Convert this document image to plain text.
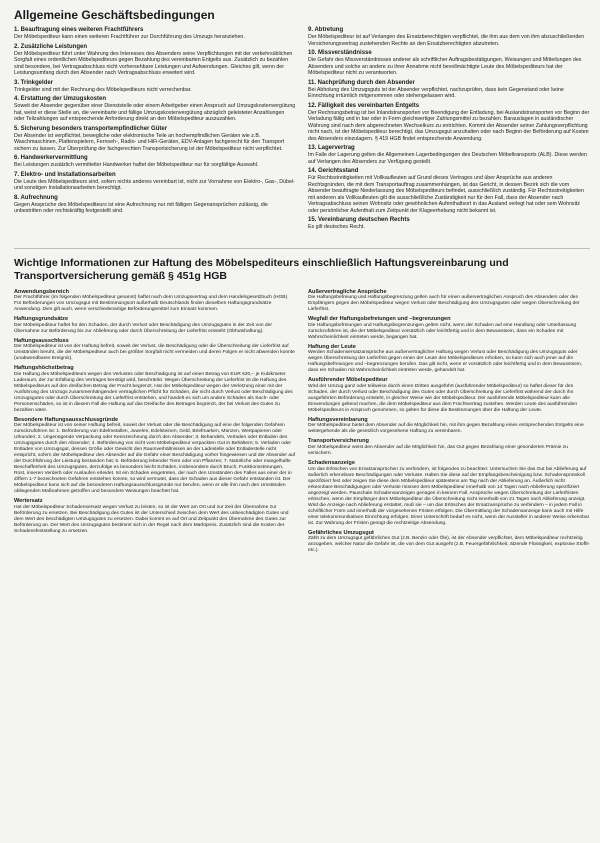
Allgemeine Geschäftsbedingungen
1. Beauftragung eines weiteren Frachtführers

Der Möbelspediteur kann einen weiteren Frachtführer zur Durchführung des Umzugs heranziehen.

2. Zusätzliche Leistungen

Der Möbelspediteur führt unter Wahrung des Interesses des Absenders seine Verpflichtungen mit der verkehrsüblichen Sorgfalt eines ordentlichen Möbelspediteurs gegen Bezahlung des vereinbarten Entgelts aus. Zusätzlich zu bezahlen sind besondere, bei Vertragsabschluss nicht vorhersehbare Leistungen und Aufwendungen. Gleiches gilt, wenn der Leistungsumfang durch den Absender nach Vertragsabschluss erweitert wird.

3. Trinkgelder

Trinkgelder sind mit der Rechnung des Möbelspediteurs nicht verrechenbar.

4. Erstattung der Umzugskosten

Soweit der Absender gegenüber einer Dienststelle oder einem Arbeitgeber einen Anspruch auf Umzugskostenvergütung hat, weist er diese Stelle an, die vereinbarte und fällige Umzugskostenvergütung abzüglich geleisteter Anzahlungen oder Teilzahlungen auf entsprechende Anforderung direkt an den Möbelspediteur auszuzahlen.

5. Sicherung besonders transportempfindlicher Güter

Der Absender ist verpflichtet, bewegliche oder elektronische Teile an hochempfindlichen Geräten wie z.B. Waschmaschinen, Plattenspielern, Fernseh-, Radio- und HiFi-Geräten, EDV-Anlagen fachgerecht für den Transport sichern zu lassen. Zur Überprüfung der fachgerechten Transportsicherung ist der Möbelspediteur nicht verpflichtet.

6. Handwerkervermittlung

Bei Leistungen zusätzlich vermittelter Handwerker haftet der Möbelspediteur nur für sorgfältige Auswahl.

7. Elektro- und Installationsarbeiten

Die Leute des Möbelspediteurs sind, sofern nichts anderes vereinbart ist, nicht zur Vornahme von Elektro-, Gas-, Dübel- und sonstigen Installationsarbeiten berechtigt.

8. Aufrechnung

Gegen Ansprüche des Möbelspediteurs ist eine Aufrechnung nur mit fälligen Gegenansprüchen zulässig, die unbestritten oder rechtskräftig festgestellt sind.

9. Abtretung

Der Möbelspediteur ist auf Verlangen des Ersatzberechtigten verpflichtet, die ihm aus dem von ihm abzuschließenden Versicherungsvertrag zustehenden Rechte an den Ersatzberechtigten abzutreten.

10. Missverständnisse

Die Gefahr des Missverständnisses anderer als schriftlicher Auftragsbestätigungen, Weisungen und Mitteilungen des Absenders und solche an andere zu ihrer Annahme nicht bevollmächtigte Leute des Möbelspediteurs hat der Möbelspediteur nicht zu verantworten.

11. Nachprüfung durch den Absender

Bei Abholung des Umzugsguts ist der Absender verpflichtet, nachzuprüfen, dass kein Gegenstand oder keine Einrichtung irrtümlich mitgenommen oder stehengelassen wird.

12. Fälligkeit des vereinbarten Entgelts

Der Rechnungsbetrag ist bei Inlandstransporten vor Beendigung der Entladung, bei Auslandstransporten vor Beginn der Verladung fällig und in bar oder in Form gleichwertiger Zahlungsmittel zu bezahlen. Barauslagen in ausländischer Währung sind nach dem abgerechneten Wechselkurs zu entrichten. Kommt der Absender seiner Zahlungsverpflichtung nicht nach, ist der Möbelspediteur berechtigt, das Umzugsgut anzuhalten oder nach Beginn der Beförderung auf Kosten des Absenders einzulagern. § 419 HGB findet entsprechende Anwendung.

13. Lagervertrag

Im Falle der Lagerung gelten die Allgemeinen Lagerbedingungen des Deutschen Möbeltransports (ALB). Diese werden auf Verlangen des Absenders zur Verfügung gestellt.

14. Gerichtsstand

Für Rechtsstreitigkeiten mit Vollkaufleuten auf Grund dieses Vertrages und über Ansprüche aus anderen Rechtsgründen, die mit dem Transportauftrag zusammenhängen, ist das Gericht, in dessen Bezirk sich die vom Absender beauftragte Niederlassung des Möbelspediteurs befindet, ausschließlich zuständig. Für Rechtsstreitigkeiten mit anderen als Vollkaufleuten gilt die ausschließliche Zuständigkeit nur für den Fall, dass der Absender nach Vertragsabschluss seinen Wohnsitz oder gewöhnlichen Aufenthaltsort in das Ausland verlegt hat oder sein Wohnsitz oder persönlicher Aufenthalt zum Zeitpunkt der Klageerhebung nicht bekannt ist.

15. Vereinbarung deutschen Rechts

Es gilt deutsches Recht.

Wichtige Informationen zur Haftung des Möbelspediteurs einschließlich Haftungsvereinbarung und Transportversicherung gemäß § 451g HGB
Anwendungsbereich

Der Frachtführer (im folgenden Möbelspediteur genannt) haftet nach dem Umzugsvertrag und dem Handelsgesetzbuch (HGB). Für Beförderungen von Umzugsgut mit Bestimmungsort außerhalb Deutschlands finden dieselben Haftungsgrundsätze Anwendung. Dies gilt auch, wenn verschiedenartige Beförderungsmittel zum Einsatz kommen.

Haftungsgrundsätze

Der Möbelspediteur haftet für den Schaden, der durch Verlust oder Beschädigung des Umzugsgutes in der Zeit von der Übernahme zur Beförderung bis zur Ablieferung oder durch Überschreitung der Lieferfrist entsteht (Obhutshaftung).

Haftungsausschluss

Der Möbelspediteur ist von der Haftung befreit, soweit der Verlust, die Beschädigung oder die Überschreitung der Lieferfrist auf Umständen beruht, die der Möbelspediteur auch bei größter Sorgfalt nicht vermeiden und deren Folgen er nicht abwenden konnte (unabwendbares Ereignis).

Haftungshöchstbetrag

Die Haftung des Möbelspediteurs wegen des Verlustes oder Beschädigung ist auf einen Betrag von EUR 620,– je Kubikmeter Laderaum, der zur Erfüllung des Vertrages benötigt wird, beschränkt. Wegen Überschreitung der Lieferfrist ist die Haftung des Möbelspediteurs auf den dreifachen Betrag der Fracht begrenzt. Hat der Möbelspediteur wegen der Verletzung einer mit der Ausführung des Umzugs zusammenhängenden vertraglichen Pflicht für Schäden, die nicht durch Verlust oder Beschädigung des Umzugsgutes oder durch Überschreitung der Lieferfrist entstehen, und handelt es sich um andere Schäden als Sach- oder Personenschäden, so ist in diesem Fall die Haftung auf das Dreifache des Betrages begrenzt, der bei Verlust des Gutes zu bezahlen wäre.

Besondere Haftungsausschlussgründe

Der Möbelspediteur ist von seiner Haftung befreit, soweit der Verlust oder die Beschädigung auf eine der folgenden Gefahren zurückzuführen ist: 1. Beförderung von Edelmetallen, Juwelen, Edelsteinen, Geld, Briefmarken, Münzen, Wertpapieren oder Urkunden; 2. Ungenügende Verpackung oder Kennzeichnung durch den Absender; 3. Behandeln, Verladen oder Entladen des Umzugsgutes durch den Absender; 4. Beförderung von nicht vom Möbelspediteur verpackten Gut in Behältern; 5. Verladen oder Entladen von Umzugsgut, dessen Größe oder Gewicht den Raumverhältnissen an der Ladestelle oder Entladestelle nicht entspricht, sofern der Möbelspediteur den Absender auf die Gefahr einer Beschädigung vorher hingewiesen und der Absender auf der Durchführung der Leistung bestanden hat; 6. Beförderung lebender Tiere oder von Pflanzen; 7. Natürliche oder mangelhafte Beschaffenheit des Umzugsgutes, derzufolge es besonders leicht Schäden, insbesondere durch Bruch, Funktionsstörungen, Rost, inneren Verderb oder Auslaufen erleidet. Ist ein Schaden eingetreten, der nach den Umständen des Falles aus einer der in Ziffern 1-7 bezeichneten Gefahren entstehen konnte, so wird vermutet, dass der Schaden aus dieser Gefahr entstanden ist. Der Möbelspediteur kann sich auf die besonderen Haftungsausschlussgründe nur berufen, wenn er alle ihm nach den Umständen obliegenden Maßnahmen getroffen und besondere Weisungen beachtet hat.

Wertersatz

Hat der Möbelspediteur Schadensersatz wegen Verlust zu leisten, so ist der Wert am Ort und zur Zeit der Übernahme zur Beförderung zu ersetzen. Bei Beschädigung des Gutes ist der Unterschied zwischen dem Wert des unbeschädigten Gutes und dem Wert des beschädigten Umzugsgutes zu ersetzen. Dabei kommt es auf Ort und Zeitpunkt des Übernahme des Gutes zur Beförderung an. Der Wert des Umzugsgutes bestimmt sich in der Regel nach dem Marktpreis. Zusätzlich sind die Kosten der Schadensfeststellung zu ersetzen.

Außervertragliche Ansprüche

Die Haftungsbefreiung und Haftungsbegrenzung gelten auch für einen außervertraglichen Anspruch des Absenders oder des Empfängers gegen den Möbelspediteur wegen Verlust oder Beschädigung des Umzugsgutes oder wegen Überschreitung der Lieferfrist.

Wegfall der Haftungsbefreiungen und –begrenzungen

Die Haftungsbefreiungen und Haftungsbegrenzungen gelten nicht, wenn der Schaden auf eine Handlung oder Unterlassung zurückzuführen ist, die der Möbelspediteur vorsätzlich oder leichtfertig und in dem Bewusstsein, dass ein Schaden mit Wahrscheinlichkeit eintreten werde, begangen hat.

Haftung der Leute

Werden Schadensersatzansprüche aus außervertraglicher Haftung wegen Verlust oder Beschädigung des Umzugsguts oder wegen Überschreitung der Lieferfrist gegen einen der Leute des Möbelspediteurs erhoben, so kann sich auch jener auf die Haftungsbefreiungen und –begrenzungen berufen. Das gilt nicht, wenn er vorsätzlich oder leichtfertig und in dem Bewusstsein, dass ein Schaden mit Wahrscheinlichkeit eintreten werde, gehandelt hat.

Ausführender Möbelspediteur

Wird der Umzug ganz oder teilweise durch einen Dritten ausgeführt (ausführender Möbelspediteur) so haftet dieser für den Schaden, der durch Verlust oder Beschädigung des Gutes oder durch Überschreitung der Lieferfrist während der durch ihn ausgeführten Beförderung entsteht, in gleicher Weise wie der Möbelspediteur. Der ausführende Möbelspediteur kann alle Einwendungen geltend machen, die dem Möbelspediteur aus dem Frachtvertrag zustehen. Werden Leute des ausführenden Möbelspediteurs in Anspruch genommen, so gelten für diese die Bestimmungen über die Haftung der Leute.

Haftungsvereinbarung

Der Möbelspediteur bietet dem Absender auf die Möglichkeit hin, mit ihm gegen Bezahlung eines entsprechenden Entgelts eine weitergehende als die gesetzlich vorgesehene Haftung zu vereinbaren.

Transportversicherung

Der Möbelspediteur weist den Absender auf die Möglichkeit hin, das Gut gegen Bezahlung einer gesonderten Prämie zu versichern.

Schadensanzeige

Um das Erlöschen von Ersatzansprüchen zu verhindern, ist folgendes zu beachten: Untersuchen Sie das Gut bei Ablieferung auf äußerlich erkennbare Beschädigungen oder Verluste. Halten Sie diese auf der Empfangsbescheinigung bzw. Schadensprotokoll spezifiziert fest oder zeigen Sie diese dem Möbelspediteur spätestens am Tag nach der Ablieferung an. Äußerlich nicht erkennbare Beschädigungen oder Verluste müssen dem Möbelspediteur innerhalb von 14 Tagen nach Ablieferung spezifiziert angezeigt werden. Pauschale Schadensanzeigen genügen in keinem Fall. Ansprüche wegen Überschreitung der Lieferfristen erlöschen, wenn der Empfänger dem Möbelspediteur die Überschreitung nicht innerhalb von 21 Tagen nach Ablieferung anzeigt. Wird die Anzeige nach Ablieferung erstattet, muß sie – um das Erlöschen der Ersatzansprüche zu verhindern – in jedem Fall in schriftlicher Form und innerhalb der vorgesehenen Fristen erfolgen. Die Übermittlung der Schadensanzeige kann auch mit Hilfe einer telekommunikativen Einrichtung erfolgen. Einer Unterschrift bedarf es nicht, wenn der Aussteller in anderer Weise erkennbar ist. Zur Wahrung der Fristen genügt die rechtzeitige Absendung.

Gefährliches Umzugsgut

Zählt zu dem Umzugsgut gefährliches Gut (z.B. Benzin oder Öle), ist der Absender verpflichtet, dem Möbelspediteur rechtzeitig anzugeben, welcher Natur die Gefahr ist, die von dem Gut ausgeht (z.B. Feuergefährlichkeit, ätzende Flüssigkeit, explosive Stoffe etc.).
